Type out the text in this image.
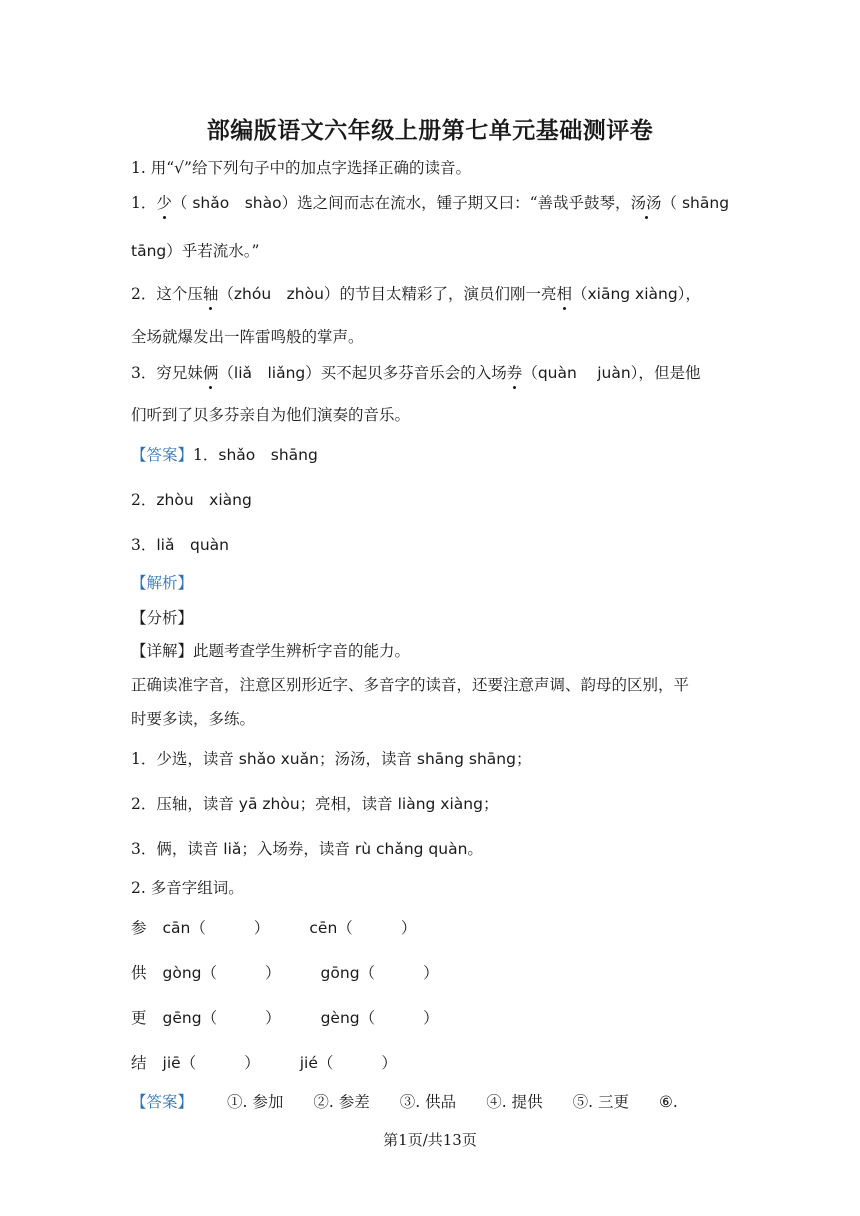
部编版语文六年级上册第七单元基础测评卷
1. 用“√”给下列句子中的加点字选择正确的读音。
1．少（ shǎo　shào）选之间而志在流水，锺子期又曰：“善哉乎鼓琴，汤汤（ shāng
tāng）乎若流水。”
2．这个压轴（zhóu　zhòu）的节目太精彩了，演员们刚一亮相（xiāng xiàng），
全场就爆发出一阵雷鸣般的掌声。
3．穷兄妹俩（liǎ　liǎng）买不起贝多芬音乐会的入场券（quàn　 juàn），但是他
们听到了贝多芬亲自为他们演奏的音乐。
【答案】1．shǎo　shāng
2．zhòu　xiàng
3．liǎ　quàn
【解析】
【分析】
【详解】此题考查学生辨析字音的能力。
正确读准字音，注意区别形近字、多音字的读音，还要注意声调、韵母的区别，平
时要多读，多练。
1．少选，读音 shǎo xuǎn；汤汤，读音 shāng shāng；
2．压轴，读音 yā zhòu；亮相，读音 liàng xiàng；
3．俩，读音 liǎ；入场券，读音 rù chǎng quàn。
2. 多音字组词。
参 cān（	）	cēn（	）
供 gòng（	）	gōng（	）
更 gēng（	）	gèng（	）
结 jiē（	）	jié（	）
【答案】 ①. 参加 ②. 参差 ③. 供品 ④. 提供 ⑤. 三更 ⑥.
第1页/共13页
